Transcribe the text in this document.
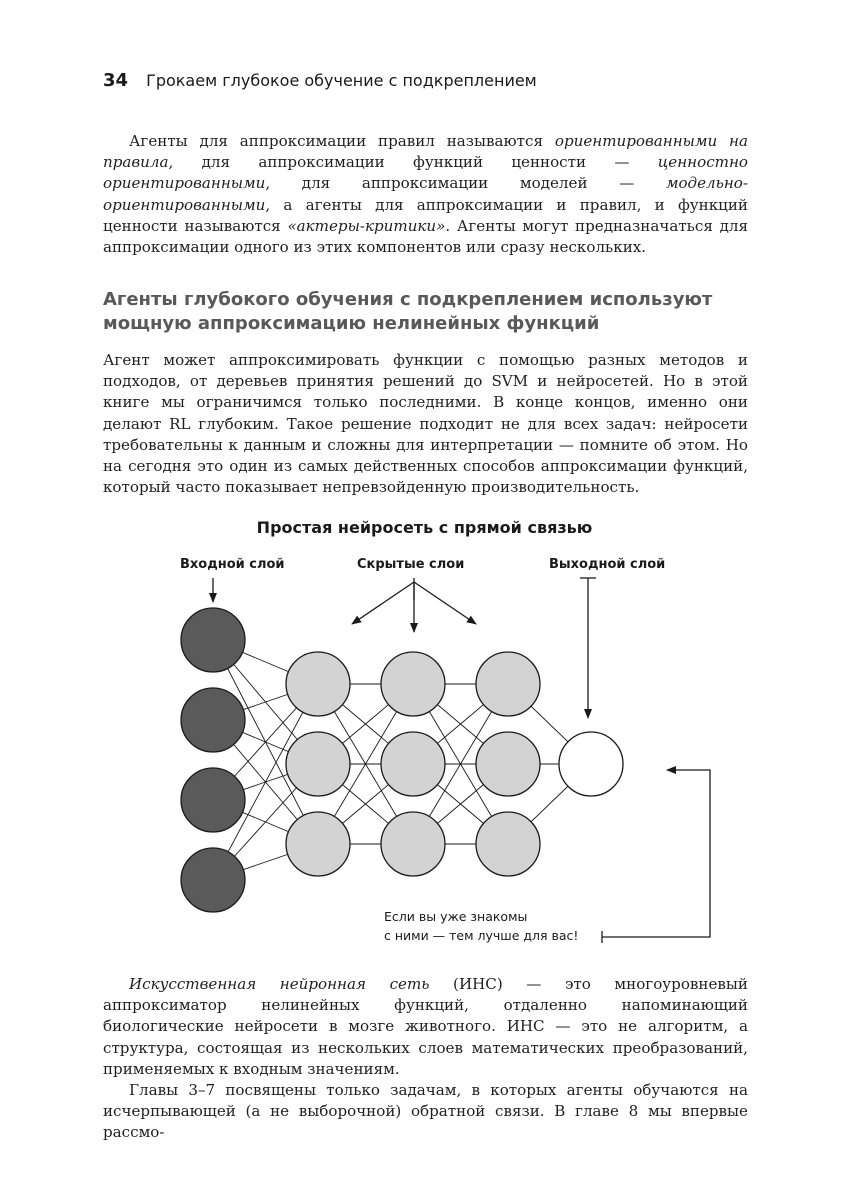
34 Грокаем глубокое обучение с подкреплением

Агенты для аппроксимации правил называются ориентированными на правила, для аппроксимации функций ценности — ценностно ориентированными, для аппроксимации моделей — модельно-ориентированными, а агенты для аппроксимации и правил, и функций ценности называются «актеры-критики». Агенты могут предназначаться для аппроксимации одного из этих компонентов или сразу нескольких.

Агенты глубокого обучения с подкреплением используют мощную аппроксимацию нелинейных функций

Агент может аппроксимировать функции с помощью разных методов и подходов, от деревьев принятия решений до SVM и нейросетей. Но в этой книге мы ограничимся только последними. В конце концов, именно они делают RL глубоким. Такое решение подходит не для всех задач: нейросети требовательны к данным и сложны для интерпретации — помните об этом. Но на сегодня это один из самых действенных способов аппроксимации функций, который часто показывает непревзойденную производительность.

Простая нейросеть с прямой связью
Входной слой	Скрытые слои	Выходной слой
Если вы уже знакомы
с ними — тем лучше для вас!

Искусственная нейронная сеть (ИНС) — это многоуровневый аппроксиматор нелинейных функций, отдаленно напоминающий биологические нейросети в мозге животного. ИНС — это не алгоритм, а структура, состоящая из нескольких слоев математических преобразований, применяемых к входным значениям.

Главы 3–7 посвящены только задачам, в которых агенты обучаются на исчерпывающей (а не выборочной) обратной связи. В главе 8 мы впервые рассмо-
